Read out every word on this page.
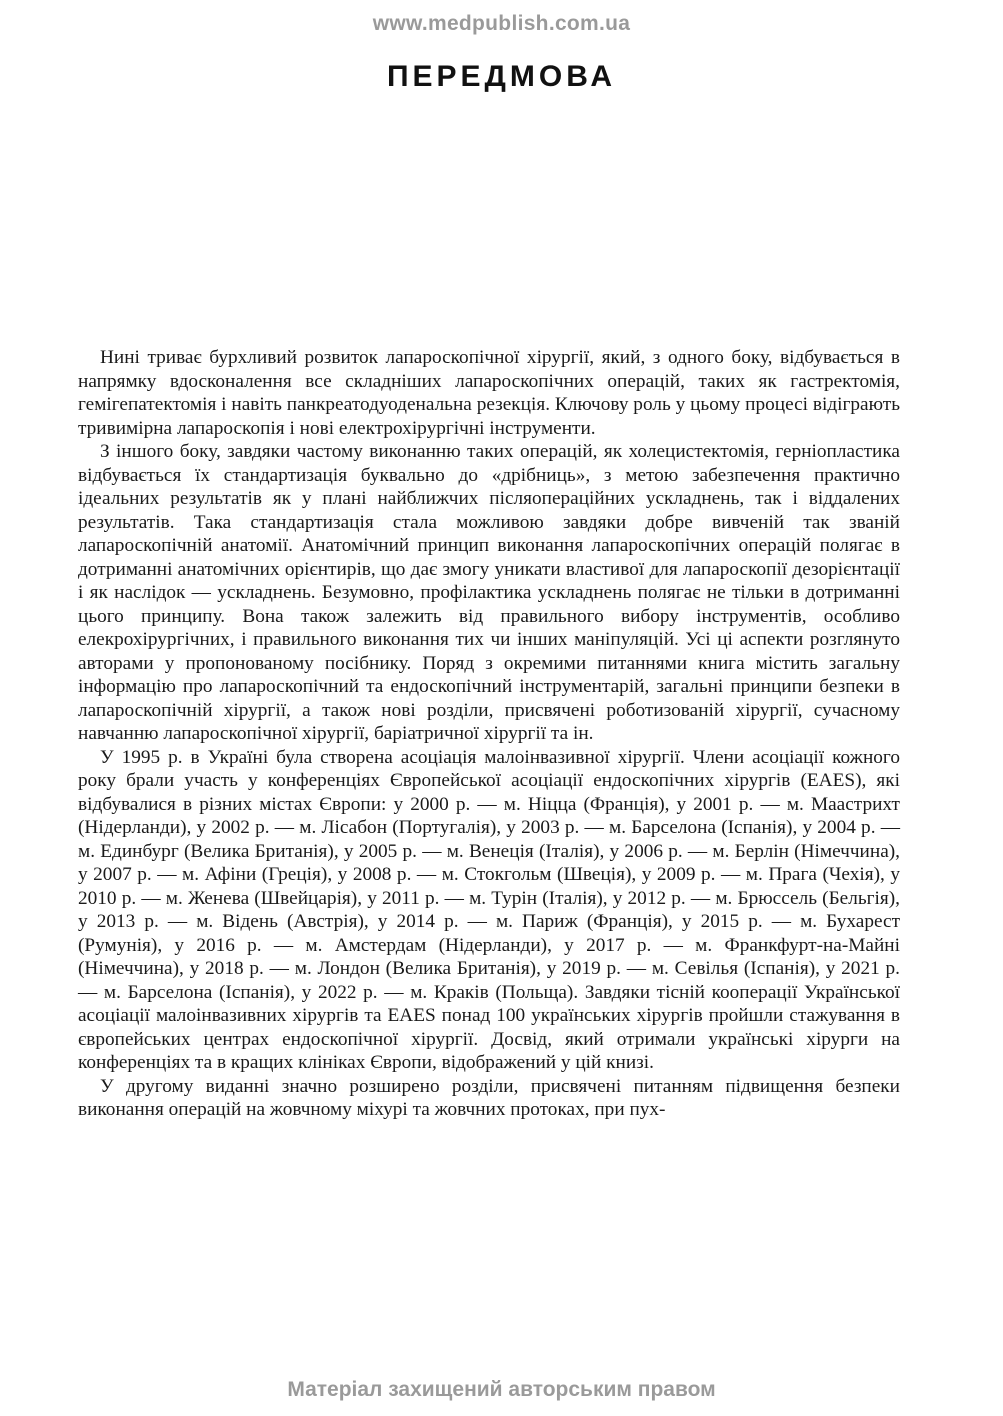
www.medpublish.com.ua
ПЕРЕДМОВА

Нині триває бурхливий розвиток лапароскопічної хірургії, який, з одного боку, відбувається в напрямку вдосконалення все складніших лапароскопічних операцій, таких як гастректомія, гемігепатектомія і навіть панкреатодуоденальна резекція. Ключову роль у цьому процесі відіграють тривимірна лапароскопія і нові електрохірургічні інструменти.

З іншого боку, завдяки частому виконанню таких операцій, як холецистектомія, герніопластика відбувається їх стандартизація буквально до «дрібниць», з метою забезпечення практично ідеальних результатів як у плані найближчих післяопераційних ускладнень, так і віддалених результатів. Така стандартизація стала можливою завдяки добре вивченій так званій лапароскопічній анатомії. Анатомічний принцип виконання лапароскопічних операцій полягає в дотриманні анатомічних орієнтирів, що дає змогу уникати властивої для лапароскопії дезорієнтації і як наслідок — ускладнень. Безумовно, профілактика ускладнень полягає не тільки в дотриманні цього принципу. Вона також залежить від правильного вибору інструментів, особливо елекрохірургічних, і правильного виконання тих чи інших маніпуляцій. Усі ці аспекти розглянуто авторами у пропонованому посібнику. Поряд з окремими питаннями книга містить загальну інформацію про лапароскопічний та ендоскопічний інструментарій, загальні принципи безпеки в лапароскопічній хірургії, а також нові розділи, присвячені роботизованій хірургії, сучасному навчанню лапароскопічної хірургії, баріатричної хірургії та ін.

У 1995 р. в Україні була створена асоціація малоінвазивної хірургії. Члени асоціації кожного року брали участь у конференціях Європейської асоціації ендоскопічних хірургів (EAES), які відбувалися в різних містах Європи: у 2000 р. — м. Ніцца (Франція), у 2001 р. — м. Маастрихт (Нідерланди), у 2002 р. — м. Лісабон (Португалія), у 2003 р. — м. Барселона (Іспанія), у 2004 р. — м. Единбург (Велика Британія), у 2005 р. — м. Венеція (Італія), у 2006 р. — м. Берлін (Німеччина), у 2007 р. — м. Афіни (Греція), у 2008 р. — м. Стокгольм (Швеція), у 2009 р. — м. Прага (Чехія), у 2010 р. — м. Женева (Швейцарія), у 2011 р. — м. Турін (Італія), у 2012 р. — м. Брюссель (Бельгія), у 2013 р. — м. Відень (Австрія), у 2014 р. — м. Париж (Франція), у 2015 р. — м. Бухарест (Румунія), у 2016 р. — м. Амстердам (Нідерланди), у 2017 р. — м. Франкфурт-на-Майні (Німеччина), у 2018 р. — м. Лондон (Велика Британія), у 2019 р. — м. Севілья (Іспанія), у 2021 р. — м. Барселона (Іспанія), у 2022 р. — м. Краків (Польща). Завдяки тісній кооперації Української асоціації малоінвазивних хірургів та EAES понад 100 українських хірургів пройшли стажування в європейських центрах ендоскопічної хірургії. Досвід, який отримали українські хірурги на конференціях та в кращих клініках Європи, відображений у цій книзі.

У другому виданні значно розширено розділи, присвячені питанням підвищення безпеки виконання операцій на жовчному міхурі та жовчних протоках, при пух-

Матеріал захищений авторським правом
